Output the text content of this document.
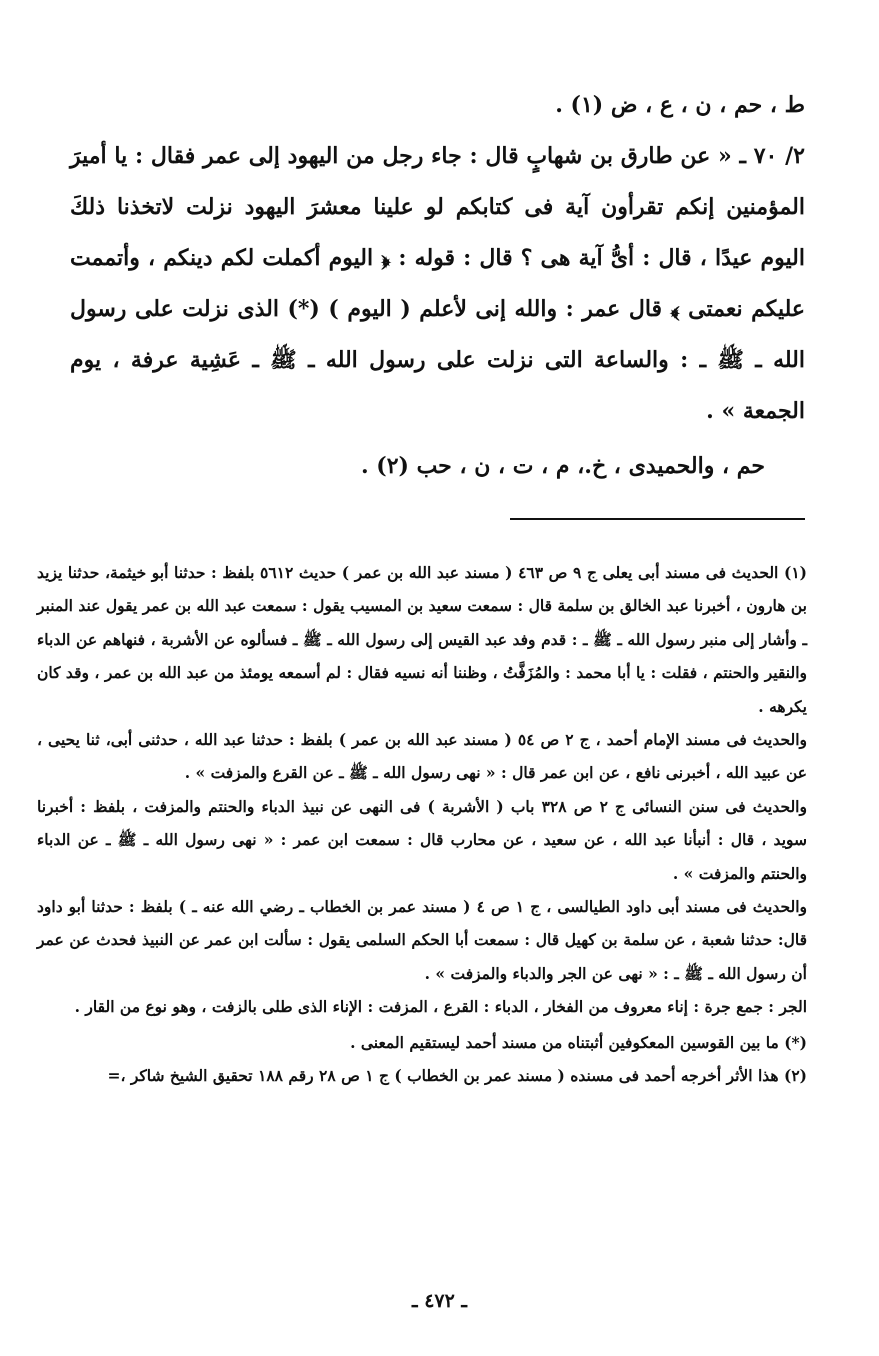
ط ، حم ، ن ، ع ، ض (١) .

٢/ ٧٠ ـ « عن طارق بن شهابٍ قال : جاء رجل من اليهود إلى عمر فقال : يا أميرَ المؤمنين إنكم تقرأون آية فى كتابكم لو علينا معشرَ اليهود نزلت لاتخذنا ذلكَ اليوم عيدًا ، قال : أىُّ آية هى ؟ قال : قوله : ﴿ اليوم أكملت لكم دينكم ، وأتممت عليكم نعمتى ﴾ قال عمر : والله إنى لأعلم ( اليوم ) (*) الذى نزلت على رسول الله ـ ﷺ ـ : والساعة التى نزلت على رسول الله ـ ﷺ ـ عَشِية عرفة ، يوم الجمعة » .

حم ، والحميدى ، خ.، م ، ت ، ن ، حب (٢) .

(١) الحديث فى مسند أبى يعلى ج ٩ ص ٤٦٣ ( مسند عبد الله بن عمر ) حديث ٥٦١٢ بلفظ : حدثنا أبو خيثمة، حدثنا يزيد بن هارون ، أخبرنا عبد الخالق بن سلمة قال : سمعت سعيد بن المسيب يقول : سمعت عبد الله بن عمر يقول عند المنبر ـ وأشار إلى منبر رسول الله ـ ﷺ ـ : قدم وفد عبد القيس إلى رسول الله ـ ﷺ ـ فسألوه عن الأشربة ، فنهاهم عن الدباء والنقير والحنتم ، فقلت : يا أبا محمد : والمُزَفَّتُ ، وظننا أنه نسيه فقال : لم أسمعه يومئذ من عبد الله بن عمر ، وقد كان يكرهه .

والحديث فى مسند الإمام أحمد ، ج ٢ ص ٥٤ ( مسند عبد الله بن عمر ) بلفظ : حدثنا عبد الله ، حدثنى أبى، ثنا يحيى ، عن عبيد الله ، أخبرنى نافع ، عن ابن عمر قال : « نهى رسول الله ـ ﷺ ـ عن القرع والمزفت » .

والحديث فى سنن النسائى ج ٢ ص ٣٢٨ باب ( الأشربة ) فى النهى عن نبيذ الدباء والحنتم والمزفت ، بلفظ : أخبرنا سويد ، قال : أنبأنا عبد الله ، عن سعيد ، عن محارب قال : سمعت ابن عمر : « نهى رسول الله ـ ﷺ ـ عن الدباء والحنتم والمزفت » .

والحديث فى مسند أبى داود الطيالسى ، ج ١ ص ٤ ( مسند عمر بن الخطاب ـ رضي الله عنه ـ ) بلفظ : حدثنا أبو داود قال: حدثنا شعبة ، عن سلمة بن كهيل قال : سمعت أبا الحكم السلمى يقول : سألت ابن عمر عن النبيذ فحدث عن عمر أن رسول الله ـ ﷺ ـ : « نهى عن الجر والدباء والمزفت » .

الجر : جمع جرة : إناء معروف من الفخار ، الدباء : القرع ، المزفت : الإناء الذى طلى بالزفت ، وهو نوع من القار .

(*) ما بين القوسين المعكوفين أثبتناه من مسند أحمد ليستقيم المعنى .

(٢) هذا الأثر أخرجه أحمد فى مسنده ( مسند عمر بن الخطاب ) ج ١ ص ٢٨ رقم ١٨٨ تحقيق الشيخ شاكر ،=

ـ ٤٧٢ ـ
